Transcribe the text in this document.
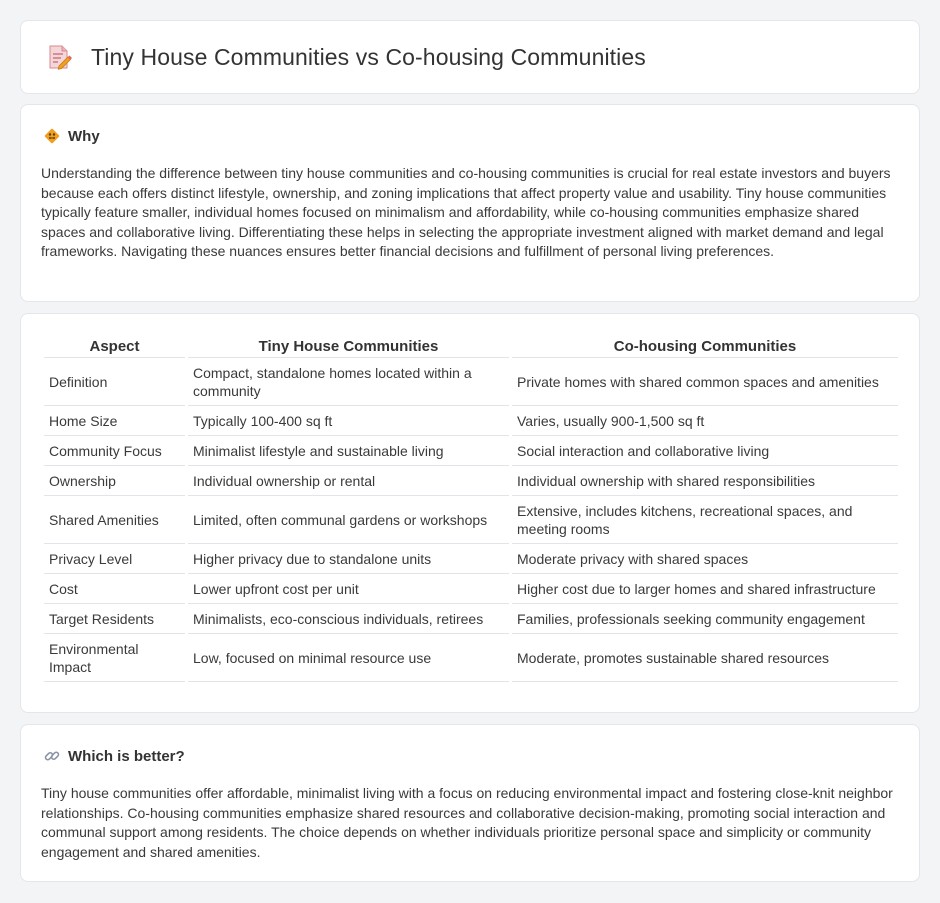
Tiny House Communities vs Co-housing Communities
Why

Understanding the difference between tiny house communities and co-housing communities is crucial for real estate investors and buyers because each offers distinct lifestyle, ownership, and zoning implications that affect property value and usability. Tiny house communities typically feature smaller, individual homes focused on minimalism and affordability, while co-housing communities emphasize shared spaces and collaborative living. Differentiating these helps in selecting the appropriate investment aligned with market demand and legal frameworks. Navigating these nuances ensures better financial decisions and fulfillment of personal living preferences.

Aspect	Tiny House Communities	Co-housing Communities
Definition	Compact, standalone homes located within a community	Private homes with shared common spaces and amenities
Home Size	Typically 100-400 sq ft	Varies, usually 900-1,500 sq ft
Community Focus	Minimalist lifestyle and sustainable living	Social interaction and collaborative living
Ownership	Individual ownership or rental	Individual ownership with shared responsibilities
Shared Amenities	Limited, often communal gardens or workshops	Extensive, includes kitchens, recreational spaces, and meeting rooms
Privacy Level	Higher privacy due to standalone units	Moderate privacy with shared spaces
Cost	Lower upfront cost per unit	Higher cost due to larger homes and shared infrastructure
Target Residents	Minimalists, eco-conscious individuals, retirees	Families, professionals seeking community engagement
Environmental Impact	Low, focused on minimal resource use	Moderate, promotes sustainable shared resources
Which is better?

Tiny house communities offer affordable, minimalist living with a focus on reducing environmental impact and fostering close-knit neighbor relationships. Co-housing communities emphasize shared resources and collaborative decision-making, promoting social interaction and communal support among residents. The choice depends on whether individuals prioritize personal space and simplicity or community engagement and shared amenities.
